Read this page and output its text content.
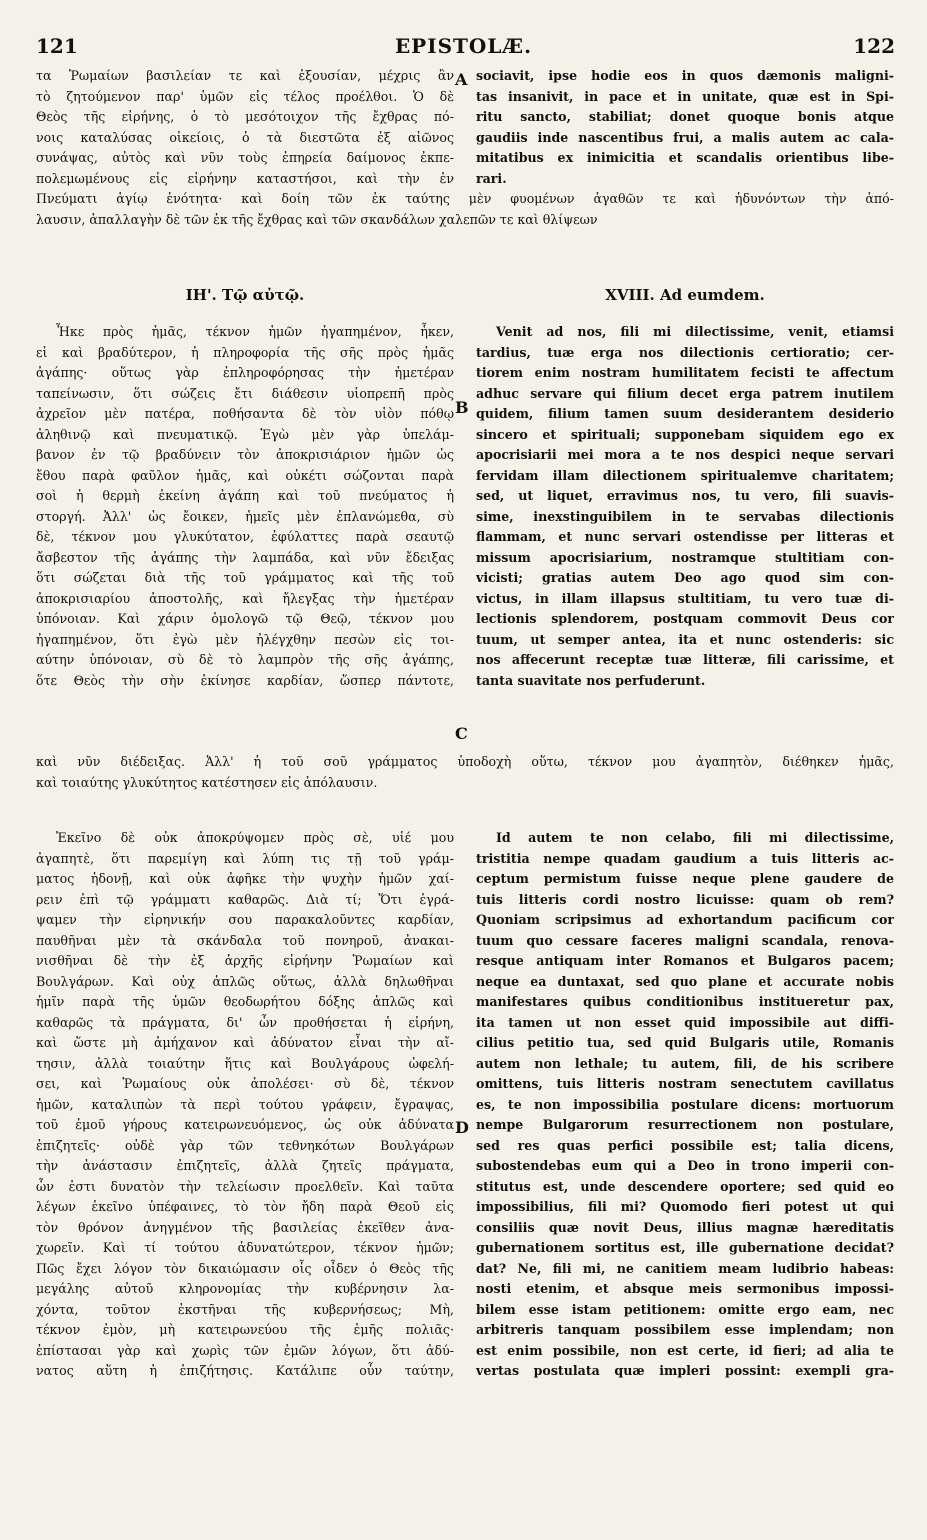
121	EPISTOLÆ.	122
τα Ῥωμαίων βασιλείαν τε καὶ ἐξουσίαν, μέχρις ἂν
τὸ ζητούμενον παρ' ὑμῶν εἰς τέλος προέλθοι. Ὁ δὲ
Θεὸς τῆς εἰρήνης, ὁ τὸ μεσότοιχον τῆς ἔχθρας πό-
νοις καταλύσας οἰκείοις, ὁ τὰ διεστῶτα ἐξ αἰῶνος
συνάψας, αὐτὸς καὶ νῦν τοὺς ἐπηρεία δαίμονος ἐκπε-
πολεμωμένους εἰς εἰρήνην καταστήσοι, καὶ τὴν ἐν
A sociavit, ipse hodie eos in quos dæmonis maligni-
tas insanivit, in pace et in unitate, quæ est in Spi-
ritu sancto, stabiliat; donet quoque bonis atque
gaudiis inde nascentibus frui, a malis autem ac cala-
mitatibus ex inimicitia et scandalis orientibus libe-
rari.
Πνεύματι ἁγίῳ ἑνότητα· καὶ δοίη τῶν ἐκ ταύτης μὲν φυομένων ἀγαθῶν τε καὶ ἡδυνόντων τὴν ἀπό-
λαυσιν, ἀπαλλαγὴν δὲ τῶν ἐκ τῆς ἔχθρας καὶ τῶν σκανδάλων χαλεπῶν τε καὶ θλίψεων
ΙΗ'. Τῷ αὐτῷ.	XVIII. Ad eumdem.
Ἦκε πρὸς ἡμᾶς, τέκνον ἡμῶν ἠγαπημένον, ἧκεν,
εἰ καὶ βραδύτερον, ἡ πληροφορία τῆς σῆς πρὸς ἡμᾶς
ἀγάπης· οὕτως γὰρ ἐπληροφόρησας τὴν ἡμετέραν
ταπείνωσιν, ὅτι σώζεις ἔτι διάθεσιν υἱοπρεπῆ πρὸς
ἀχρεῖον μὲν πατέρα, ποθήσαντα δὲ τὸν υἱὸν πόθῳ
ἀληθινῷ καὶ πνευματικῷ. Ἐγὼ μὲν γὰρ ὑπελάμ-
βανον ἐν τῷ βραδύνειν τὸν ἀποκρισιάριον ἡμῶν ὡς
ἔθου παρὰ φαῦλον ἡμᾶς, καὶ οὐκέτι σώζονται παρὰ
σοὶ ἡ θερμὴ ἐκείνη ἀγάπη καὶ τοῦ πνεύματος ἡ
στοργή. Ἀλλ' ὡς ἔοικεν, ἡμεῖς μὲν ἐπλανώμεθα, σὺ
δὲ, τέκνον μου γλυκύτατον, ἐφύλαττες παρὰ σεαυτῷ
ἄσβεστον τῆς ἀγάπης τὴν λαμπάδα, καὶ νῦν ἔδειξας
ὅτι σώζεται διὰ τῆς τοῦ γράμματος καὶ τῆς τοῦ
ἀποκρισιαρίου ἀποστολῆς, καὶ ἤλεγξας τὴν ἡμετέραν
ὑπόνοιαν. Καὶ χάριν ὁμολογῶ τῷ Θεῷ, τέκνον μου
ἠγαπημένον, ὅτι ἐγὼ μὲν ἠλέγχθην πεσὼν εἰς τοι-
αύτην ὑπόνοιαν, σὺ δὲ τὸ λαμπρὸν τῆς σῆς ἀγάπης,
ὅτε Θεὸς τὴν σὴν ἐκίνησε καρδίαν, ὥσπερ πάντοτε,
B
C
Venit ad nos, fili mi dilectissime, venit, etiamsi
tardius, tuæ erga nos dilectionis certioratio; cer-
tiorem enim nostram humilitatem fecisti te affectum
adhuc servare qui filium decet erga patrem inutilem
quidem, filium tamen suum desiderantem desiderio
sincero et spirituali; supponebam siquidem ego ex
apocrisiarii mei mora a te nos despici neque servari
fervidam illam dilectionem spiritualemve charitatem;
sed, ut liquet, erravimus nos, tu vero, fili suavis-
sime, inexstinguibilem in te servabas dilectionis
flammam, et nunc servari ostendisse per litteras et
missum apocrisiarium, nostramque stultitiam con-
vicisti; gratias autem Deo ago quod sim con-
victus, in illam illapsus stultitiam, tu vero tuæ di-
lectionis splendorem, postquam commovit Deus cor
tuum, ut semper antea, ita et nunc ostenderis: sic
nos affecerunt receptæ tuæ litteræ, fili carissime, et
tanta suavitate nos perfuderunt.
καὶ νῦν διέδειξας. Ἀλλ' ἡ τοῦ σοῦ γράμματος ὑποδοχὴ οὕτω, τέκνον μου ἀγαπητὸν, διέθηκεν ἡμᾶς,
καὶ τοιαύτης γλυκύτητος κατέστησεν εἰς ἀπόλαυσιν.
Ἐκεῖνο δὲ οὐκ ἀποκρύψομεν πρὸς σὲ, υἱέ μου
ἀγαπητὲ, ὅτι παρεμίγη καὶ λύπη τις τῇ τοῦ γράμ-
ματος ἡδονῇ, καὶ οὐκ ἀφῆκε τὴν ψυχὴν ἡμῶν χαί-
ρειν ἐπὶ τῷ γράμματι καθαρῶς. Διὰ τί; Ὅτι ἐγρά-
ψαμεν τὴν εἰρηνικήν σου παρακαλοῦντες καρδίαν,
παυθῆναι μὲν τὰ σκάνδαλα τοῦ πονηροῦ, ἀνακαι-
νισθῆναι δὲ τὴν ἐξ ἀρχῆς εἰρήνην Ῥωμαίων καὶ
Βουλγάρων. Καὶ οὐχ ἁπλῶς οὕτως, ἀλλὰ δηλωθῆναι
ἡμῖν παρὰ τῆς ὑμῶν θεοδωρήτου δόξης ἁπλῶς καὶ
καθαρῶς τὰ πράγματα, δι' ὧν προθήσεται ἡ εἰρήνη,
καὶ ὥστε μὴ ἀμήχανον καὶ ἀδύνατον εἶναι τὴν αἴ-
τησιν, ἀλλὰ τοιαύτην ἥτις καὶ Βουλγάρους ὠφελή-
σει, καὶ Ῥωμαίους οὐκ ἀπολέσει· σὺ δὲ, τέκνον
ἡμῶν, καταλιπὼν τὰ περὶ τούτου γράφειν, ἔγραψας,
τοῦ ἐμοῦ γήρους κατειρωνευόμενος, ὡς οὐκ ἀδύνατα
ἐπιζητεῖς· οὐδὲ γὰρ τῶν τεθνηκότων Βουλγάρων
τὴν ἀνάστασιν ἐπιζητεῖς, ἀλλὰ ζητεῖς πράγματα,
ὧν ἐστι δυνατὸν τὴν τελείωσιν προελθεῖν. Καὶ ταῦτα
λέγων ἐκεῖνο ὑπέφαινες, τὸ τὸν ἤδη παρὰ Θεοῦ εἰς
τὸν θρόνον ἀνηγμένον τῆς βασιλείας ἐκεῖθεν ἀνα-
χωρεῖν. Καὶ τί τούτου ἀδυνατώτερον, τέκνον ἡμῶν;
Πῶς ἔχει λόγον τὸν δικαιώμασιν οἷς οἶδεν ὁ Θεὸς τῆς
μεγάλης αὐτοῦ κληρονομίας τὴν κυβέρνησιν λα-
χόντα, τοῦτον ἐκστῆναι τῆς κυβερνήσεως; Μὴ,
τέκνον ἐμὸν, μὴ κατειρωνεύου τῆς ἐμῆς πολιᾶς·
ἐπίστασαι γὰρ καὶ χωρὶς τῶν ἐμῶν λόγων, ὅτι ἀδύ-
νατος αὕτη ἡ ἐπιζήτησις. Κατάλιπε οὖν ταύτην,
D
Id autem te non celabo, fili mi dilectissime,
tristitia nempe quadam gaudium a tuis litteris ac-
ceptum permistum fuisse neque plene gaudere de
tuis litteris cordi nostro licuisse: quam ob rem?
Quoniam scripsimus ad exhortandum pacificum cor
tuum quo cessare faceres maligni scandala, renova-
resque antiquam inter Romanos et Bulgaros pacem;
neque ea duntaxat, sed quo plane et accurate nobis
manifestares quibus conditionibus institueretur pax,
ita tamen ut non esset quid impossibile aut diffi-
cilius petitio tua, sed quid Bulgaris utile, Romanis
autem non lethale; tu autem, fili, de his scribere
omittens, tuis litteris nostram senectutem cavillatus
es, te non impossibilia postulare dicens: mortuorum
nempe Bulgarorum resurrectionem non postulare,
sed res quas perfici possibile est; talia dicens,
subostendebas eum qui a Deo in trono imperii con-
stitutus est, unde descendere oportere; sed quid eo
impossibilius, fili mi? Quomodo fieri potest ut qui
consiliis quæ novit Deus, illius magnæ hæreditatis
gubernationem sortitus est, ille gubernatione decidat?
dat? Ne, fili mi, ne canitiem meam ludibrio habeas:
nosti etenim, et absque meis sermonibus impossi-
bilem esse istam petitionem: omitte ergo eam, nec
arbitreris tanquam possibilem esse implendam; non
est enim possibile, non est certe, id fieri; ad alia te
vertas postulata quæ impleri possint: exempli gra-
